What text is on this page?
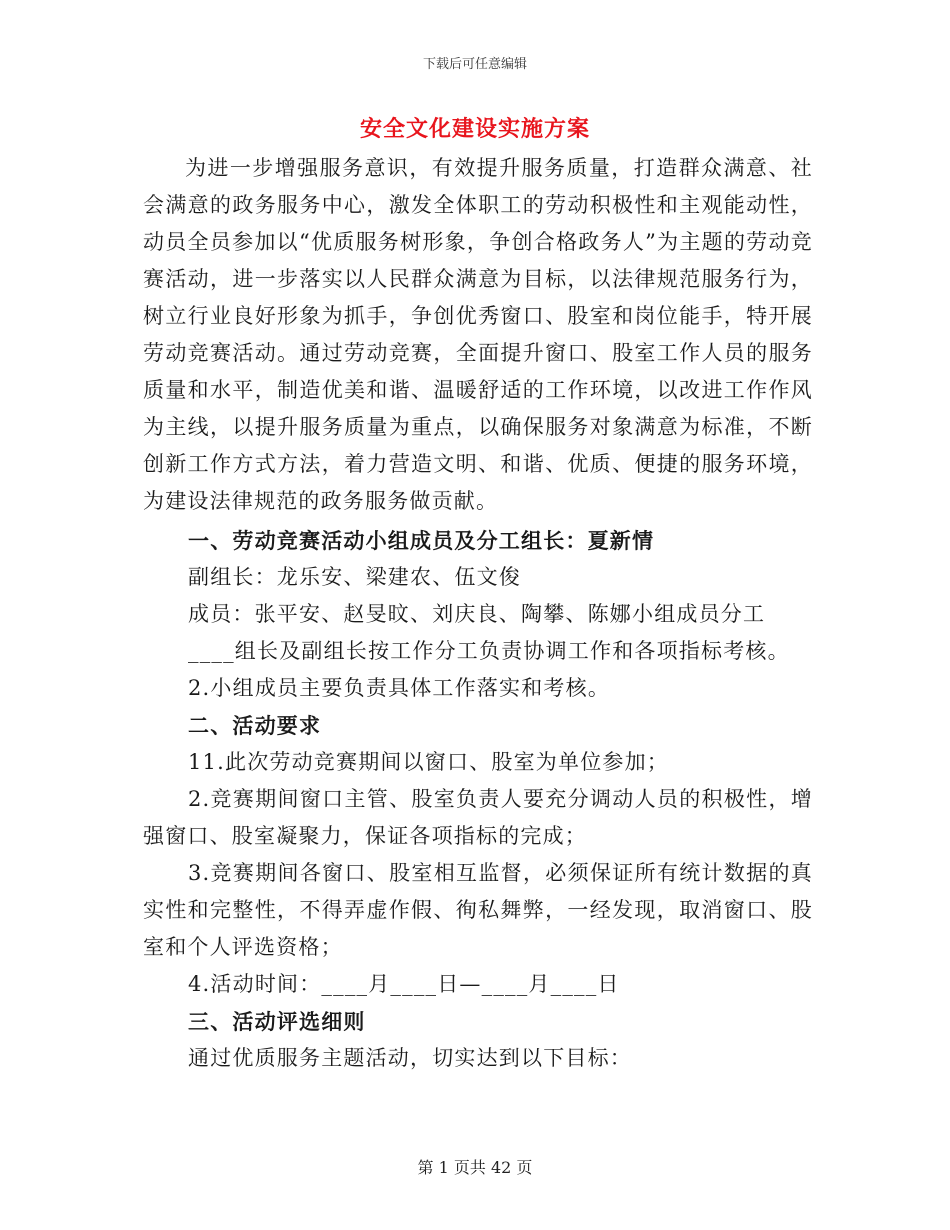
下载后可任意编辑
安全文化建设实施方案
为进一步增强服务意识，有效提升服务质量，打造群众满意、社会满意的政务服务中心，激发全体职工的劳动积极性和主观能动性，动员全员参加以“优质服务树形象，争创合格政务人”为主题的劳动竞赛活动，进一步落实以人民群众满意为目标，以法律规范服务行为，树立行业良好形象为抓手，争创优秀窗口、股室和岗位能手，特开展劳动竞赛活动。通过劳动竞赛，全面提升窗口、股室工作人员的服务质量和水平，制造优美和谐、温暖舒适的工作环境，以改进工作作风为主线，以提升服务质量为重点，以确保服务对象满意为标准，不断创新工作方式方法，着力营造文明、和谐、优质、便捷的服务环境，为建设法律规范的政务服务做贡献。
一、劳动竞赛活动小组成员及分工组长：夏新情
副组长：龙乐安、梁建农、伍文俊
成员：张平安、赵旻旼、刘庆良、陶攀、陈娜小组成员分工
____组长及副组长按工作分工负责协调工作和各项指标考核。
2.小组成员主要负责具体工作落实和考核。
二、活动要求
11.此次劳动竞赛期间以窗口、股室为单位参加；
2.竞赛期间窗口主管、股室负责人要充分调动人员的积极性，增强窗口、股室凝聚力，保证各项指标的完成；
3.竞赛期间各窗口、股室相互监督，必须保证所有统计数据的真实性和完整性，不得弄虚作假、徇私舞弊，一经发现，取消窗口、股室和个人评选资格；
4.活动时间：____月____日—____月____日
三、活动评选细则
通过优质服务主题活动，切实达到以下目标：
第 1 页共 42 页
